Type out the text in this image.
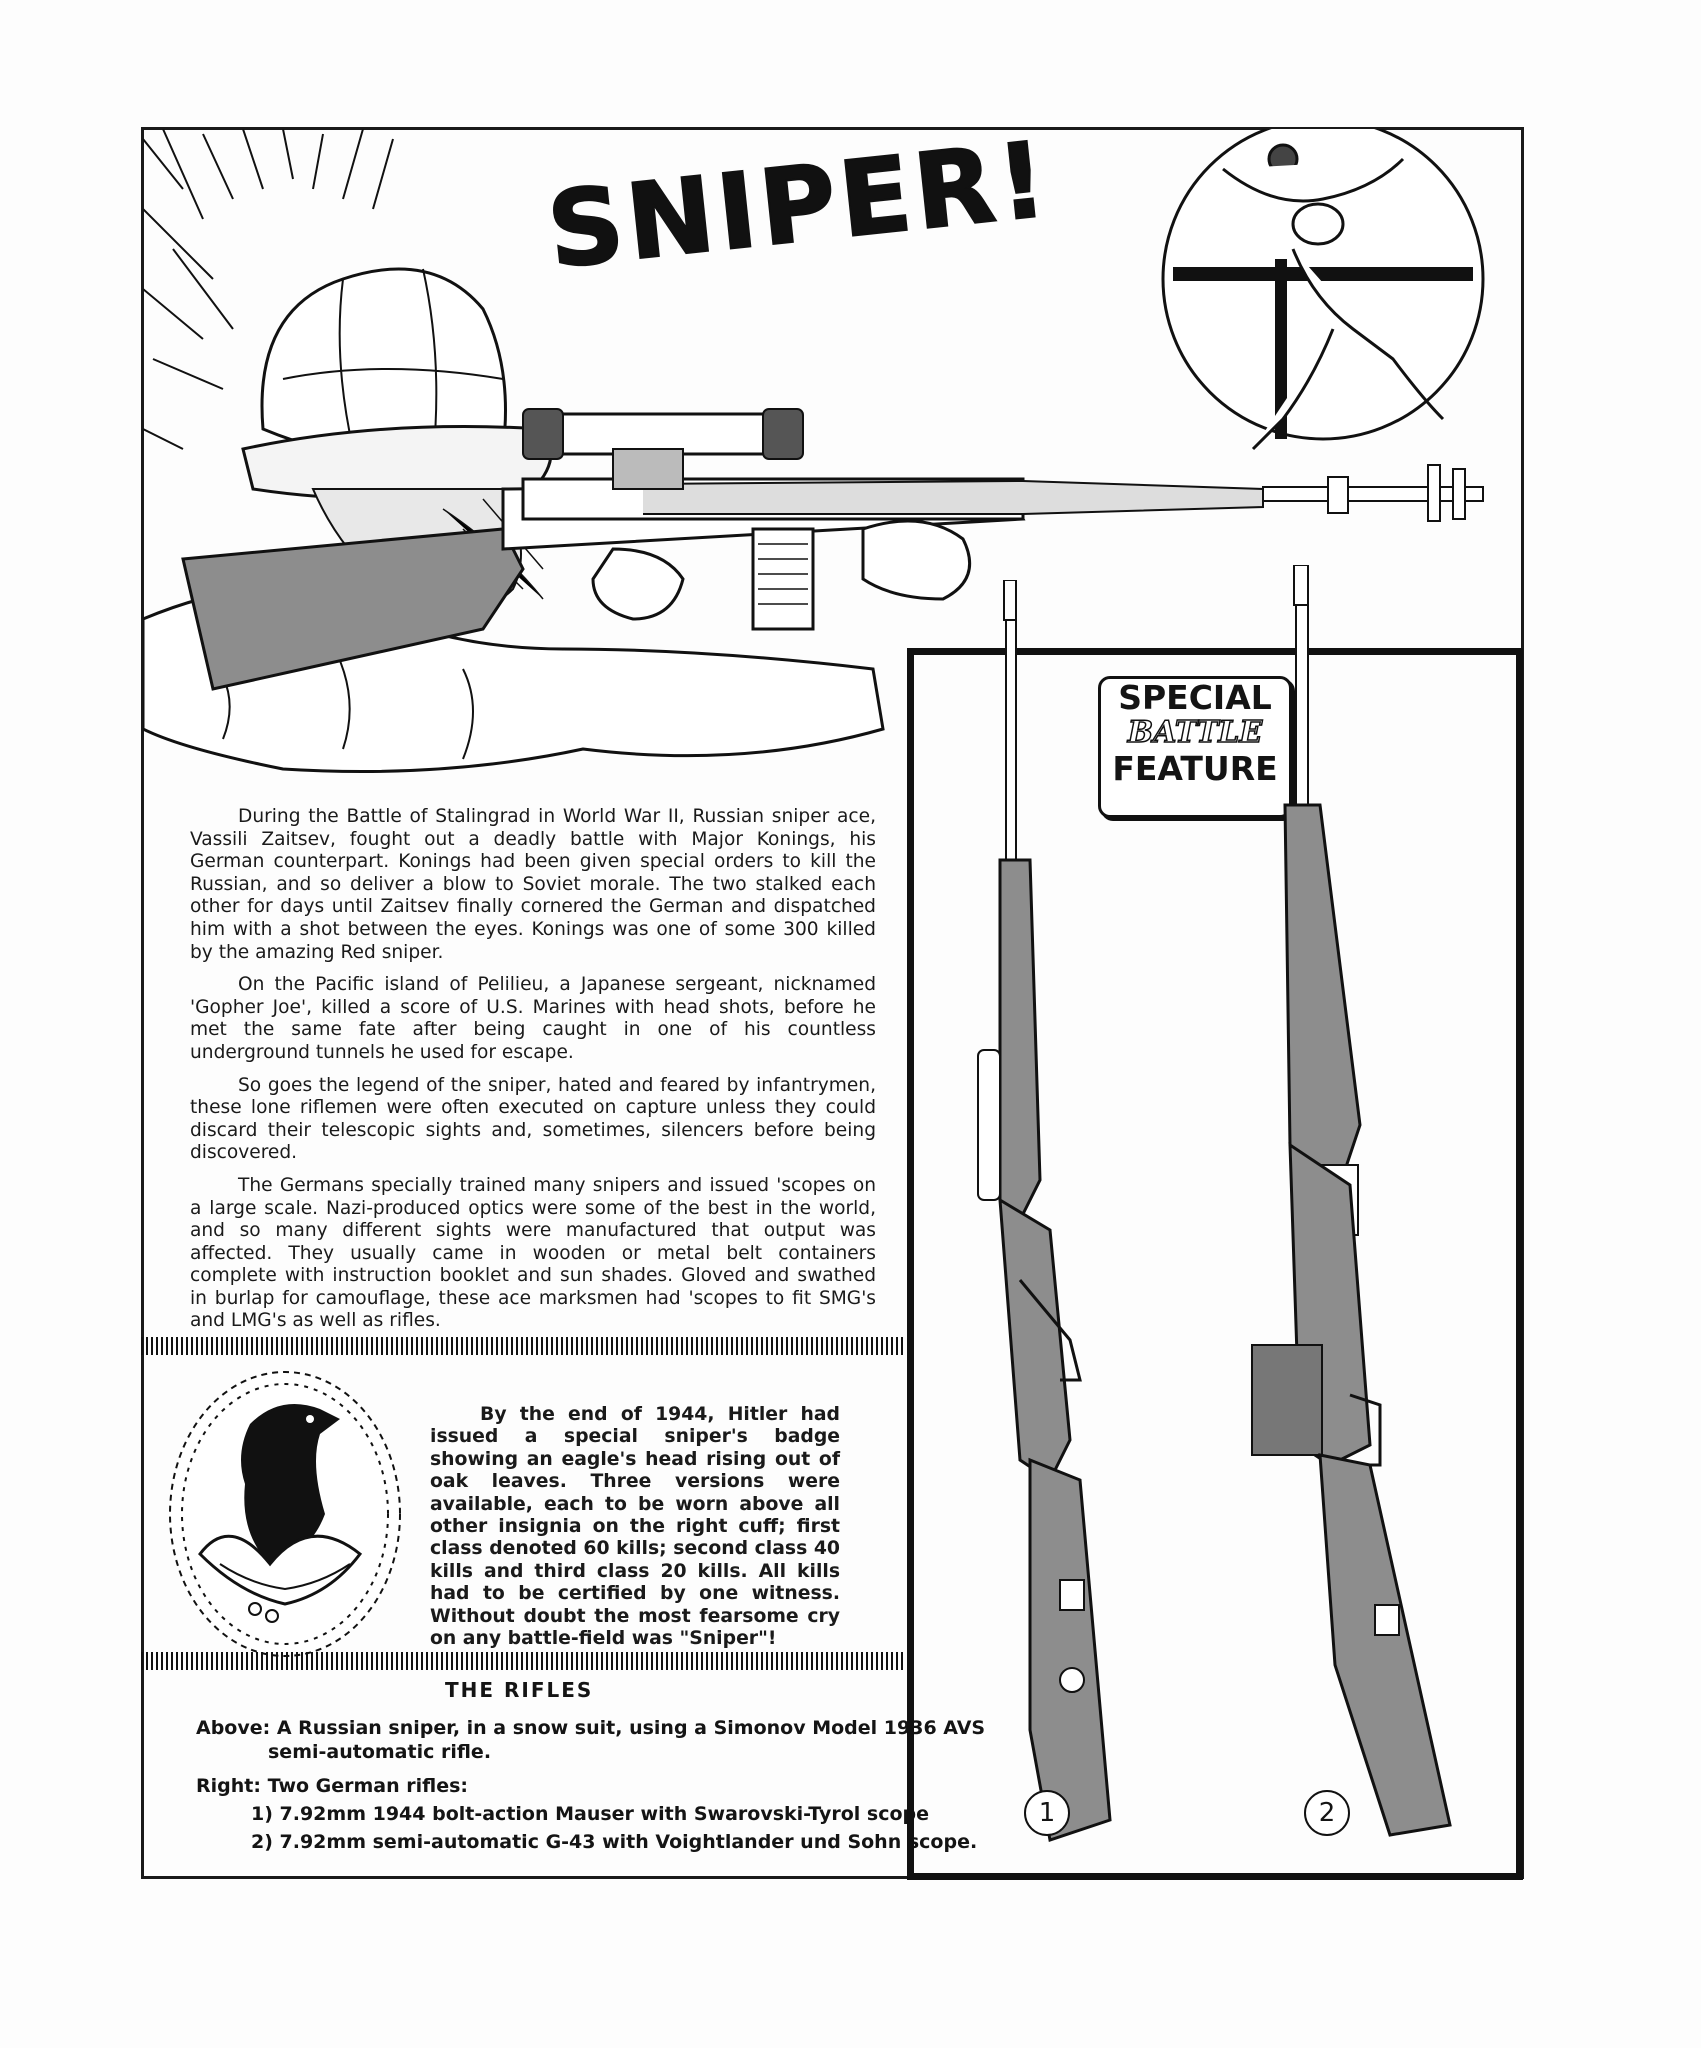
SNIPER!

During the Battle of Stalingrad in World War II, Russian sniper ace, Vassili Zaitsev, fought out a deadly battle with Major Konings, his German counterpart. Konings had been given special orders to kill the Russian, and so deliver a blow to Soviet morale. The two stalked each other for days until Zaitsev finally cornered the German and dispatched him with a shot between the eyes. Konings was one of some 300 killed by the amazing Red sniper.

On the Pacific island of Pelilieu, a Japanese sergeant, nicknamed 'Gopher Joe', killed a score of U.S. Marines with head shots, before he met the same fate after being caught in one of his countless underground tunnels he used for escape.

So goes the legend of the sniper, hated and feared by infantrymen, these lone riflemen were often executed on capture unless they could discard their telescopic sights and, sometimes, silencers before being discovered.

The Germans specially trained many snipers and issued 'scopes on a large scale. Nazi-produced optics were some of the best in the world, and so many different sights were manufactured that output was affected. They usually came in wooden or metal belt containers complete with instruction booklet and sun shades. Gloved and swathed in burlap for camouflage, these ace marksmen had 'scopes to fit SMG's and LMG's as well as rifles.

By the end of 1944, Hitler had issued a special sniper's badge showing an eagle's head rising out of oak leaves. Three versions were available, each to be worn above all other insignia on the right cuff; first class denoted 60 kills; second class 40 kills and third class 20 kills. All kills had to be certified by one witness. Without doubt the most fearsome cry on any battle-field was "Sniper"!

THE RIFLES
Above: A Russian sniper, in a snow suit, using a Simonov Model 1936 AVS
semi-automatic rifle.
Right: Two German rifles:
1) 7.92mm 1944 bolt-action Mauser with Swarovski-Tyrol scope
2) 7.92mm semi-automatic G-43 with Voightlander und Sohn scope.
SPECIAL
BATTLE
FEATURE
1	2
